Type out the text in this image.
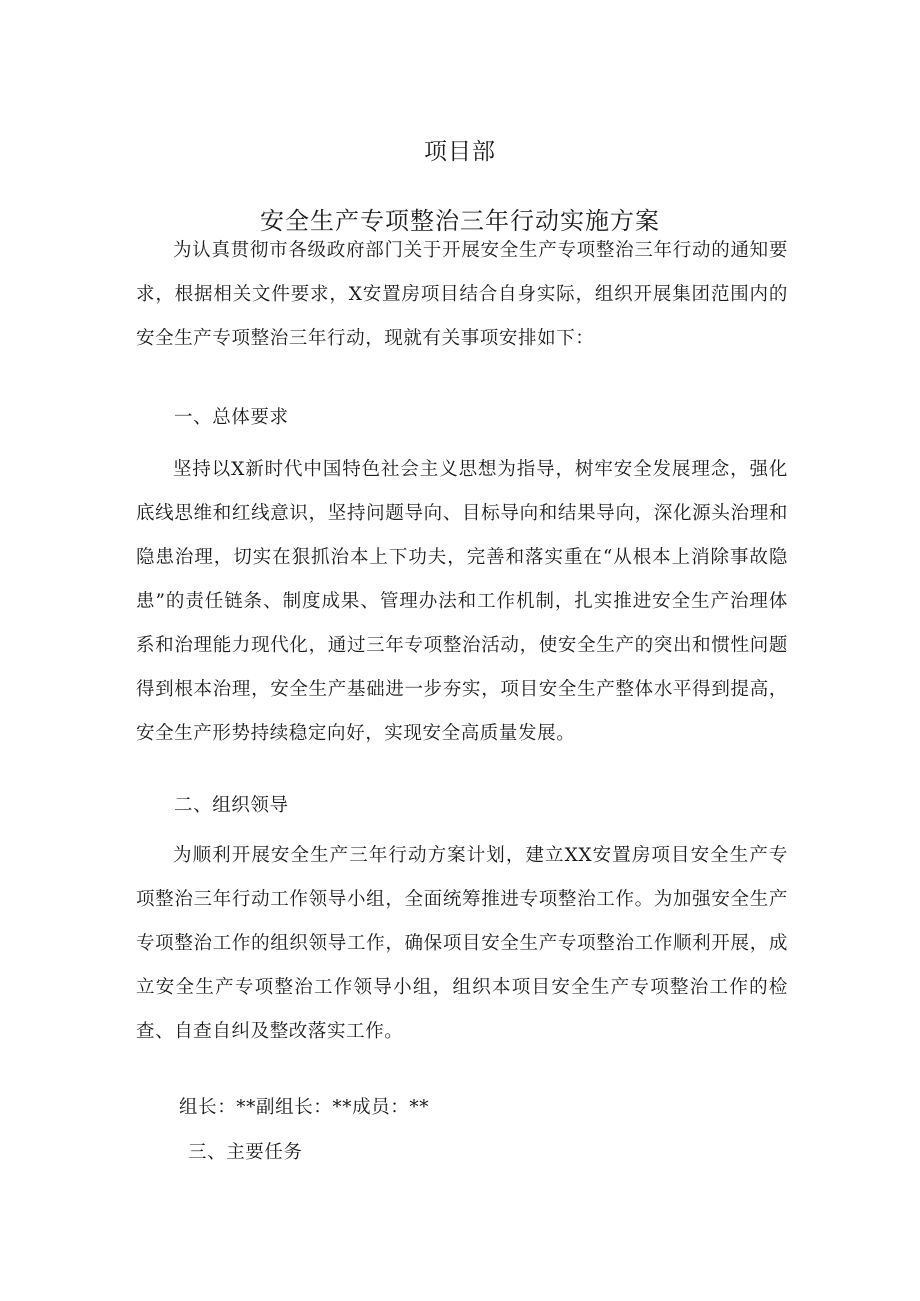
项目部
安全生产专项整治三年行动实施方案

为认真贯彻市各级政府部门关于开展安全生产专项整治三年行动的通知要求，根据相关文件要求，X安置房项目结合自身实际，组织开展集团范围内的安全生产专项整治三年行动，现就有关事项安排如下：

一、总体要求

坚持以X新时代中国特色社会主义思想为指导，树牢安全发展理念，强化底线思维和红线意识，坚持问题导向、目标导向和结果导向，深化源头治理和隐患治理，切实在狠抓治本上下功夫，完善和落实重在“从根本上消除事故隐患”的责任链条、制度成果、管理办法和工作机制，扎实推进安全生产治理体系和治理能力现代化，通过三年专项整治活动，使安全生产的突出和惯性问题得到根本治理，安全生产基础进一步夯实，项目安全生产整体水平得到提高，安全生产形势持续稳定向好，实现安全高质量发展。

二、组织领导

为顺利开展安全生产三年行动方案计划，建立XX安置房项目安全生产专项整治三年行动工作领导小组，全面统筹推进专项整治工作。为加强安全生产专项整治工作的组织领导工作，确保项目安全生产专项整治工作顺利开展，成立安全生产专项整治工作领导小组，组织本项目安全生产专项整治工作的检查、自查自纠及整改落实工作。

组长：**副组长：**成员：**

三、主要任务
